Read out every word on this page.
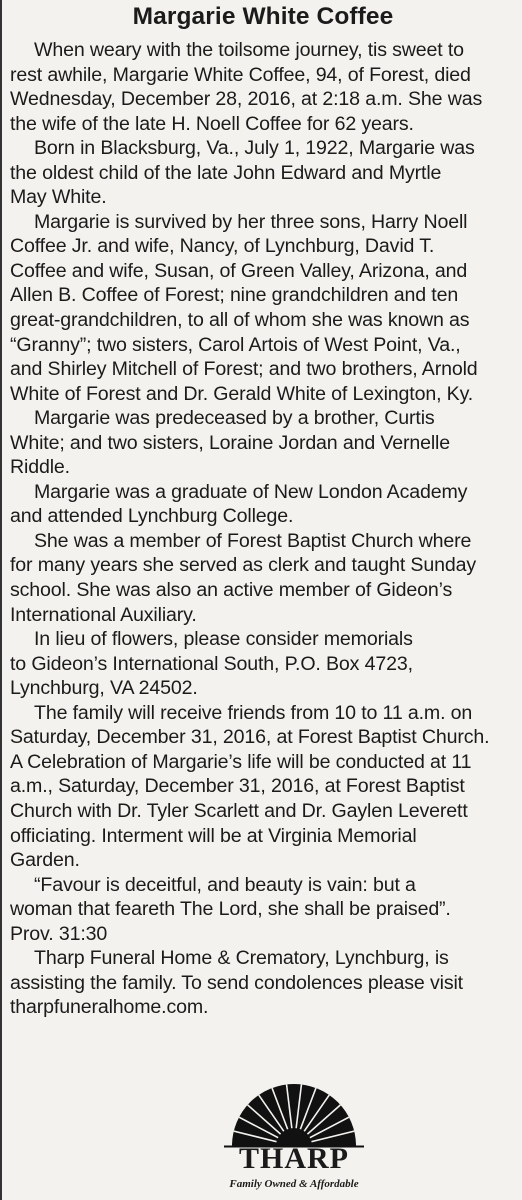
Margarie White Coffee
When weary with the toilsome journey, tis sweet to
rest awhile, Margarie White Coffee, 94, of Forest, died
Wednesday, December 28, 2016, at 2:18 a.m. She was
the wife of the late H. Noell Coffee for 62 years.
Born in Blacksburg, Va., July 1, 1922, Margarie was
the oldest child of the late John Edward and Myrtle
May White.
Margarie is survived by her three sons, Harry Noell
Coffee Jr. and wife, Nancy, of Lynchburg, David T.
Coffee and wife, Susan, of Green Valley, Arizona, and
Allen B. Coffee of Forest; nine grandchildren and ten
great-grandchildren, to all of whom she was known as
“Granny”; two sisters, Carol Artois of West Point, Va.,
and Shirley Mitchell of Forest; and two brothers, Arnold
White of Forest and Dr. Gerald White of Lexington, Ky.
Margarie was predeceased by a brother, Curtis
White; and two sisters, Loraine Jordan and Vernelle
Riddle.
Margarie was a graduate of New London Academy
and attended Lynchburg College.
She was a member of Forest Baptist Church where
for many years she served as clerk and taught Sunday
school. She was also an active member of Gideon’s
International Auxiliary.
In lieu of flowers, please consider memorials
to Gideon’s International South, P.O. Box 4723,
Lynchburg, VA 24502.
The family will receive friends from 10 to 11 a.m. on
Saturday, December 31, 2016, at Forest Baptist Church.
A Celebration of Margarie’s life will be conducted at 11
a.m., Saturday, December 31, 2016, at Forest Baptist
Church with Dr. Tyler Scarlett and Dr. Gaylen Leverett
officiating. Interment will be at Virginia Memorial
Garden.
“Favour is deceitful, and beauty is vain: but a
woman that feareth The Lord, she shall be praised”.
Prov. 31:30
Tharp Funeral Home & Crematory, Lynchburg, is
assisting the family. To send condolences please visit
tharpfuneralhome.com.
THARP
Family Owned & Affordable
